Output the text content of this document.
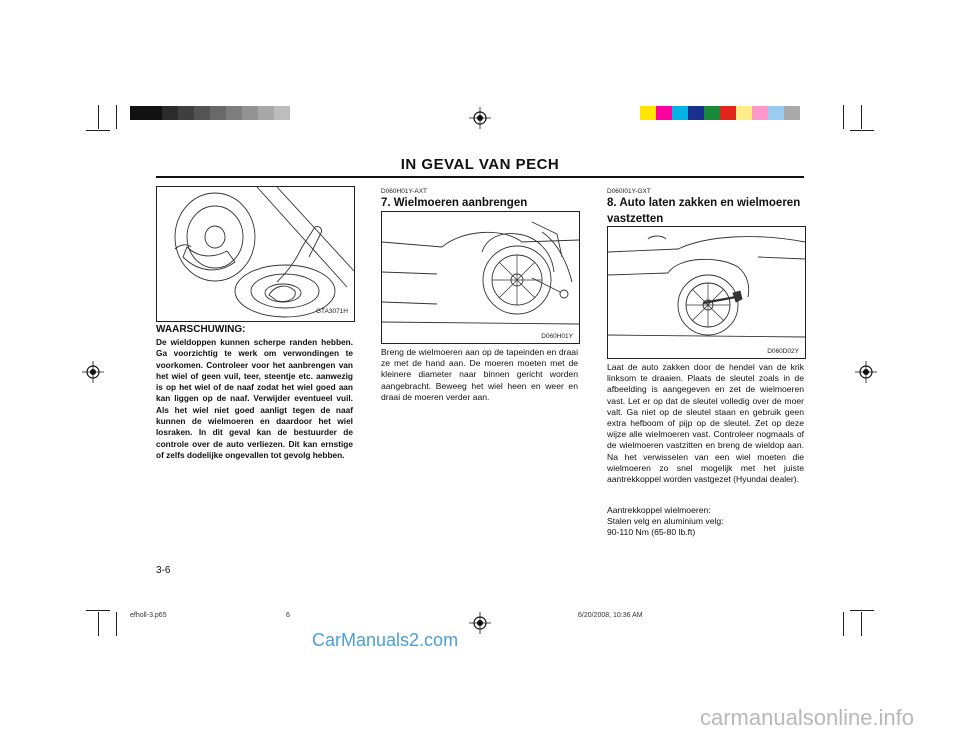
IN GEVAL VAN PECH
GTA3071H
WAARSCHUWING:
De wieldoppen kunnen scherpe randen hebben. Ga voorzichtig te werk om verwondingen te voorkomen. Controleer voor het aanbrengen van het wiel of geen vuil, teer, steentje etc. aanwezig is op het wiel of de naaf zodat het wiel goed aan kan liggen op de naaf. Verwijder eventueel vuil. Als het wiel niet goed aanligt tegen de naaf kunnen de wielmoeren en daardoor het wiel losraken. In dit geval kan de bestuurder de controle over de auto verliezen. Dit kan ernstige of zelfs dodelijke ongevallen tot gevolg hebben.
D060H01Y-AXT
7. Wielmoeren aanbrengen
D060H01Y
Breng de wielmoeren aan op de tapeinden en draai ze met de hand aan. De moeren moeten met de kleinere diameter naar binnen gericht worden aangebracht. Beweeg het wiel heen en weer en draai de moeren verder aan.
D060I01Y-GXT
8. Auto laten zakken en wielmoeren vastzetten
D060D02Y
Laat de auto zakken door de hendel van de krik linksom te draaien. Plaats de sleutel zoals in de afbeelding is aangegeven en zet de wielmoeren vast. Let er op dat de sleutel volledig over de moer valt. Ga niet op de sleutel staan en gebruik geen extra hefboom of pijp op de sleutel. Zet op deze wijze alle wielmoeren vast. Controleer nogmaals of de wielmoeren vastzitten en breng de wieldop aan. Na het verwisselen van een wiel moeten die wielmoeren zo snel mogelijk met het juiste aantrekkoppel worden vastgezet (Hyundai dealer).
Aantrekkoppel wielmoeren:
Stalen velg en aluminium velg:
90-110 Nm (65-80 lb.ft)
3-6
efholl-3.p65	6	6/20/2008, 10:36 AM
CarManuals2.com
carmanualsonline.info
